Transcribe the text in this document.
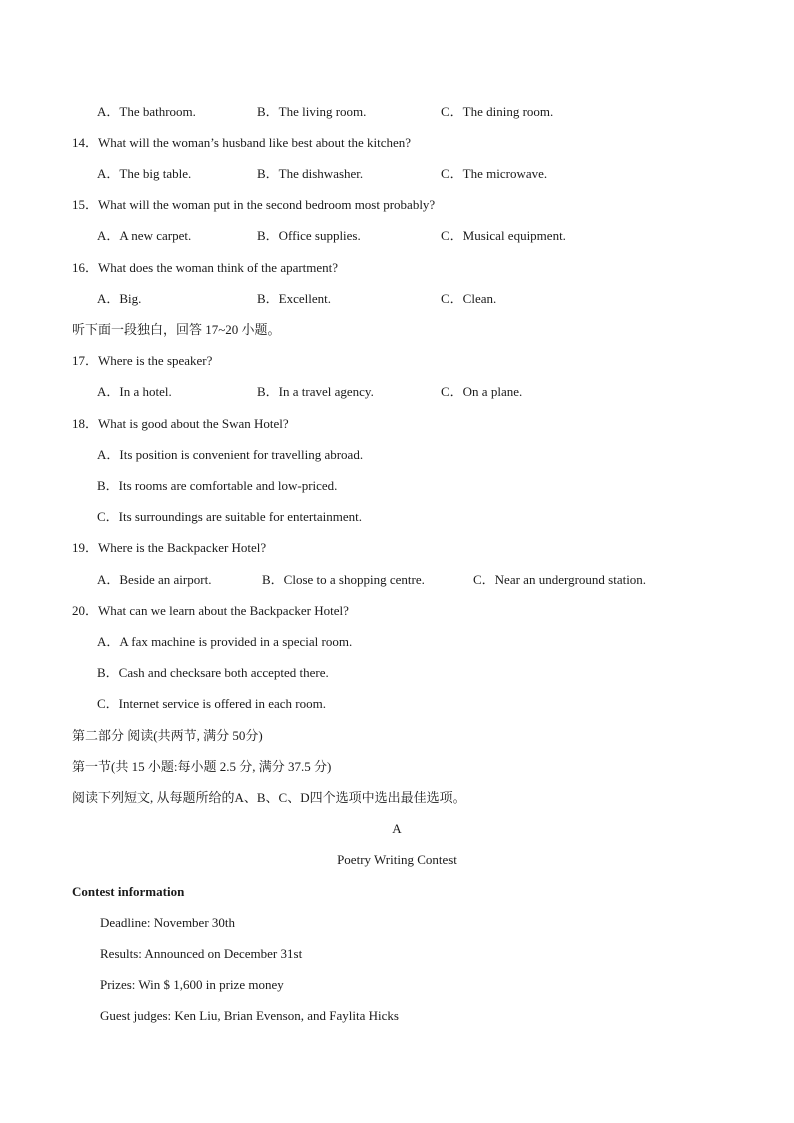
A．The bathroom.	B．The living room.	C．The dining room.
14．What will the woman’s husband like best about the kitchen?
A．The big table.	B．The dishwasher.	C．The microwave.
15．What will the woman put in the second bedroom most probably?
A．A new carpet.	B．Office supplies.	C．Musical equipment.
16．What does the woman think of the apartment?
A．Big.	B．Excellent.	C．Clean.
听下面一段独白，回答 17~20 小题。
17．Where is the speaker?
A．In a hotel.	B．In a travel agency.	C．On a plane.
18．What is good about the Swan Hotel?
A．Its position is convenient for travelling abroad.
B．Its rooms are comfortable and low-priced.
C．Its surroundings are suitable for entertainment.
19．Where is the Backpacker Hotel?
A．Beside an airport.	B．Close to a shopping centre.	C．Near an underground station.
20．What can we learn about the Backpacker Hotel?
A．A fax machine is provided in a special room.
B．Cash and checksare both accepted there.
C．Internet service is offered in each room.
第二部分 阅读(共两节, 满分 50分)
第一节(共 15 小题:每小题 2.5 分, 满分 37.5 分)
阅读下列短文, 从每题所给的A、B、C、D四个选项中选出最佳选项。
A
Poetry Writing Contest
Contest information
Deadline: November 30th
Results: Announced on December 31st
Prizes: Win $ 1,600 in prize money
Guest judges: Ken Liu, Brian Evenson, and Faylita Hicks
